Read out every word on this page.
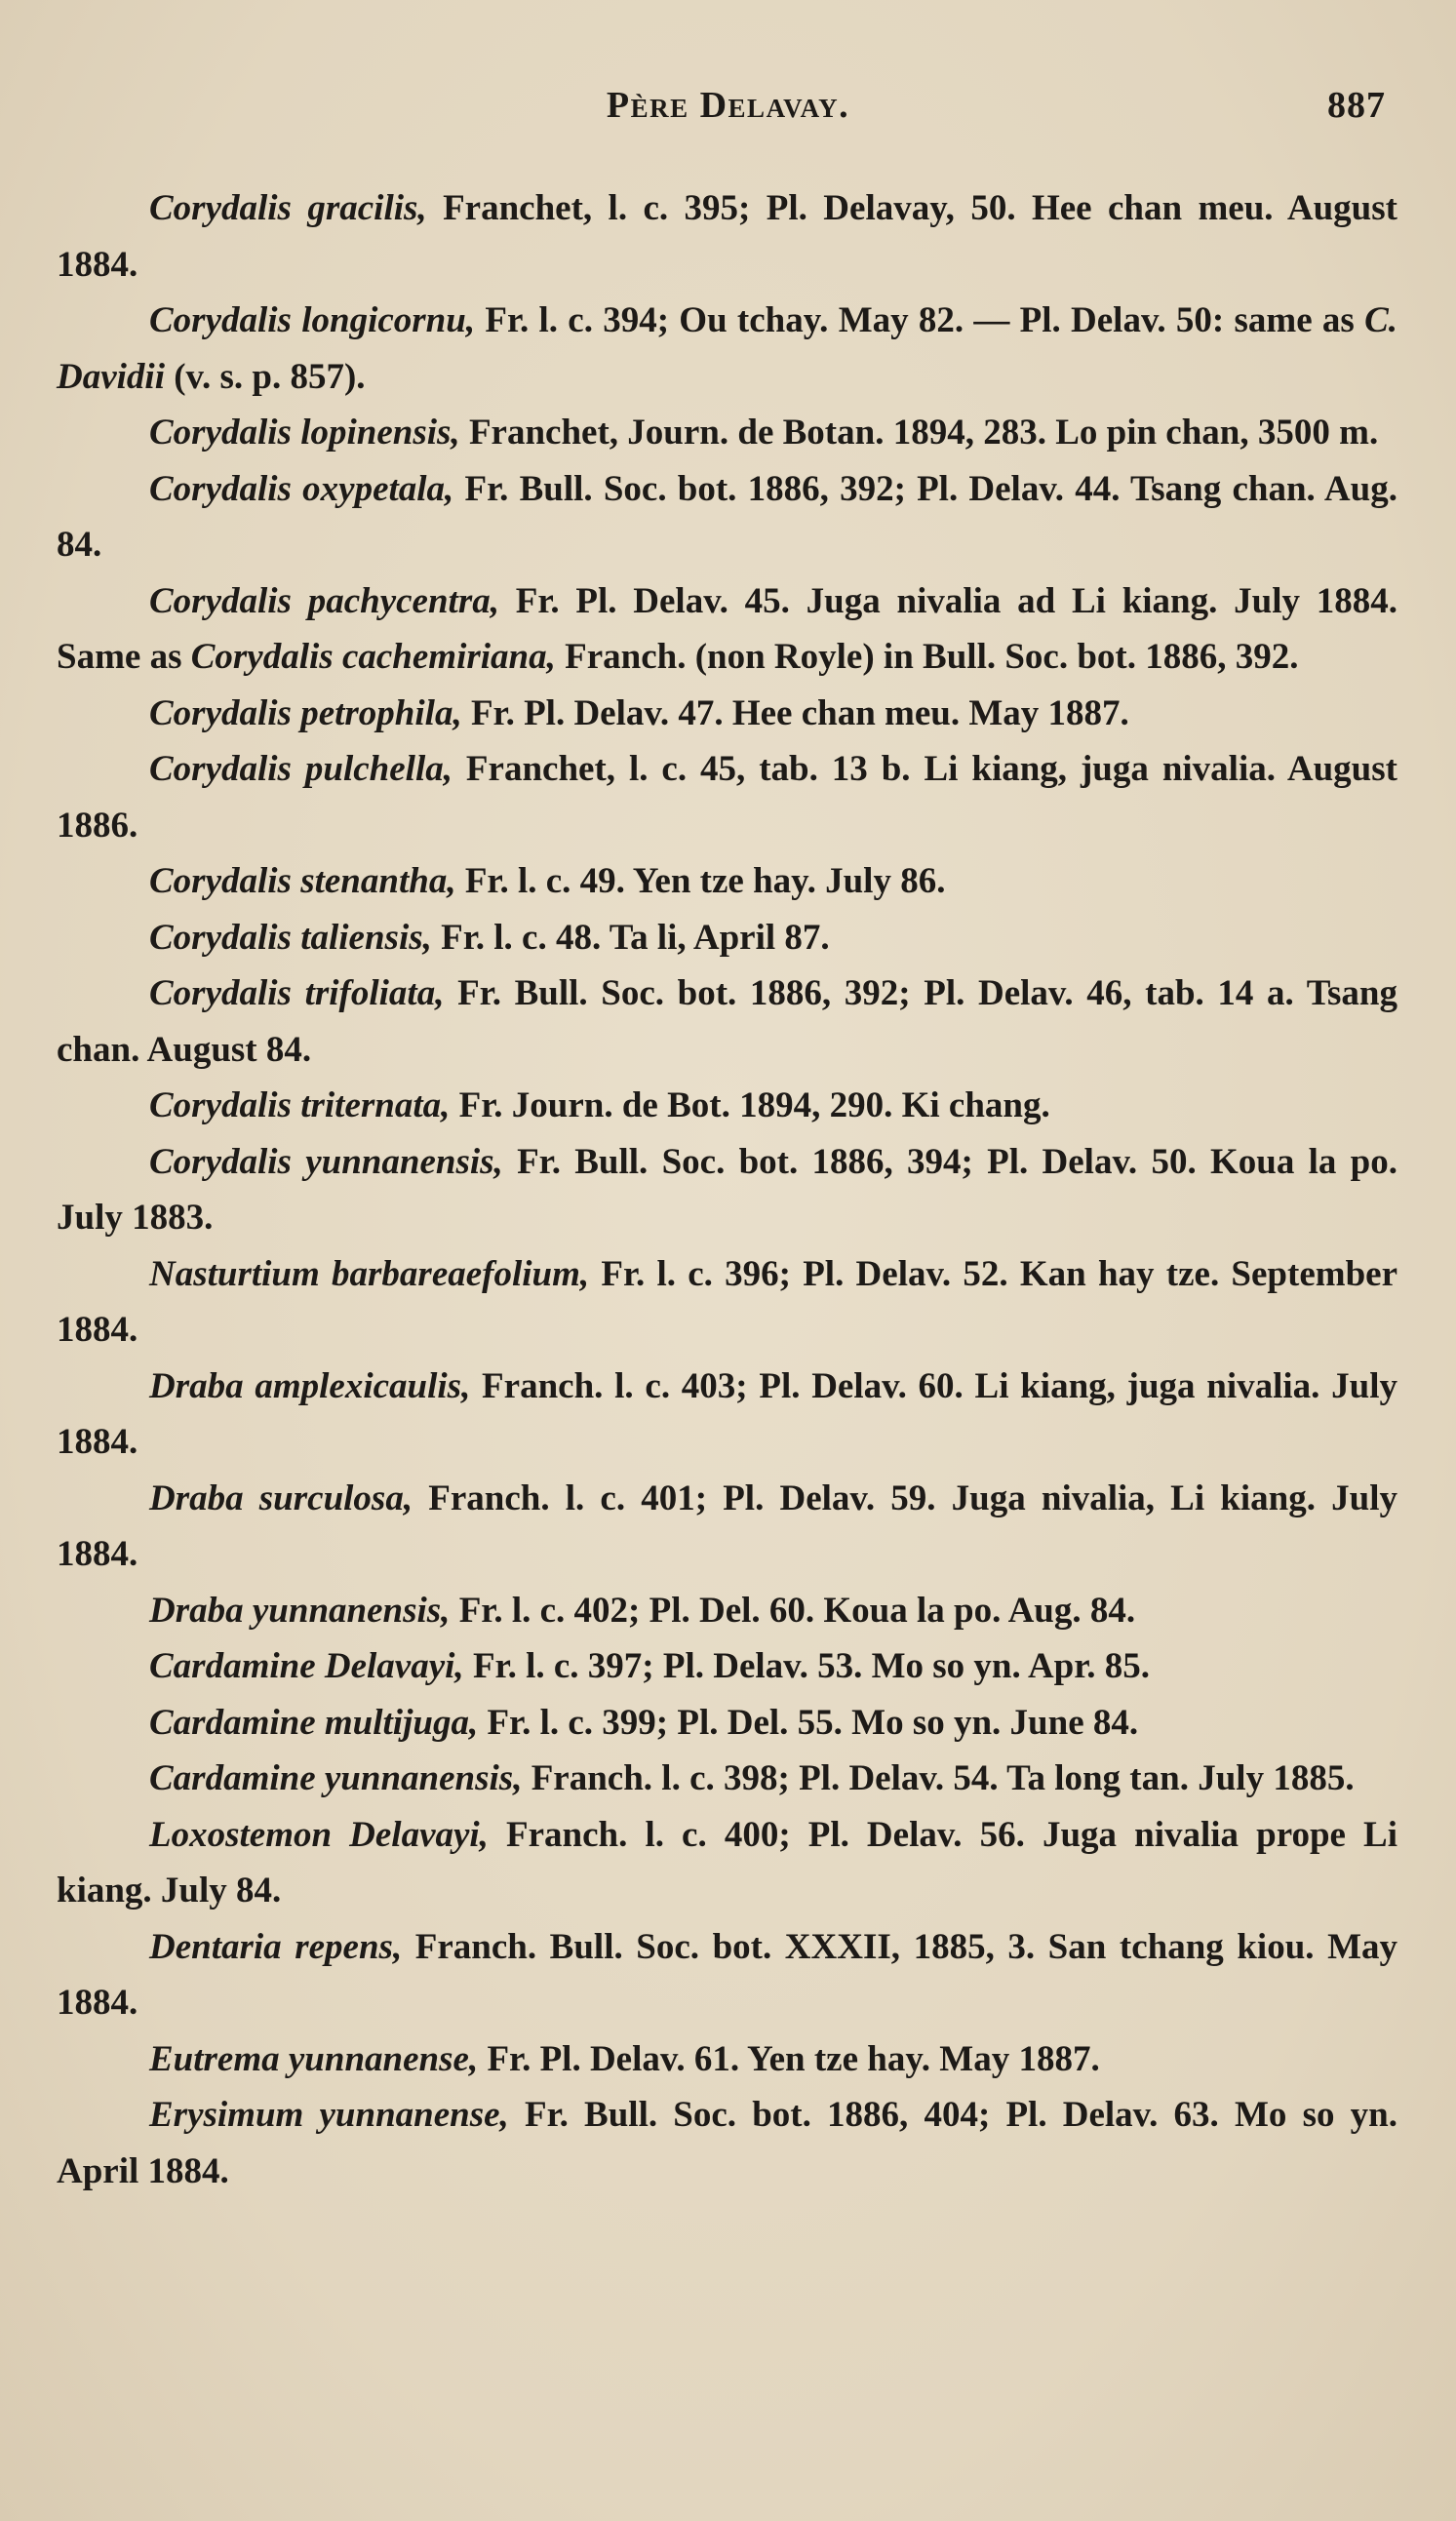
Père Delavay.	887

Corydalis gracilis, Franchet, l. c. 395; Pl. Delavay, 50. Hee chan meu. August 1884.

Corydalis longicornu, Fr. l. c. 394; Ou tchay. May 82. — Pl. Delav. 50: same as C. Davidii (v. s. p. 857).

Corydalis lopinensis, Franchet, Journ. de Botan. 1894, 283. Lo pin chan, 3500 m.

Corydalis oxypetala, Fr. Bull. Soc. bot. 1886, 392; Pl. Delav. 44. Tsang chan. Aug. 84.

Corydalis pachycentra, Fr. Pl. Delav. 45. Juga nivalia ad Li kiang. July 1884. Same as Corydalis cachemiriana, Franch. (non Royle) in Bull. Soc. bot. 1886, 392.

Corydalis petrophila, Fr. Pl. Delav. 47. Hee chan meu. May 1887.

Corydalis pulchella, Franchet, l. c. 45, tab. 13 b. Li kiang, juga nivalia. August 1886.

Corydalis stenantha, Fr. l. c. 49. Yen tze hay. July 86.

Corydalis taliensis, Fr. l. c. 48. Ta li, April 87.

Corydalis trifoliata, Fr. Bull. Soc. bot. 1886, 392; Pl. Delav. 46, tab. 14 a. Tsang chan. August 84.

Corydalis triternata, Fr. Journ. de Bot. 1894, 290. Ki chang.

Corydalis yunnanensis, Fr. Bull. Soc. bot. 1886, 394; Pl. Delav. 50. Koua la po. July 1883.

Nasturtium barbareaefolium, Fr. l. c. 396; Pl. Delav. 52. Kan hay tze. September 1884.

Draba amplexicaulis, Franch. l. c. 403; Pl. Delav. 60. Li kiang, juga nivalia. July 1884.

Draba surculosa, Franch. l. c. 401; Pl. Delav. 59. Juga nivalia, Li kiang. July 1884.

Draba yunnanensis, Fr. l. c. 402; Pl. Del. 60. Koua la po. Aug. 84.

Cardamine Delavayi, Fr. l. c. 397; Pl. Delav. 53. Mo so yn. Apr. 85.

Cardamine multijuga, Fr. l. c. 399; Pl. Del. 55. Mo so yn. June 84.

Cardamine yunnanensis, Franch. l. c. 398; Pl. Delav. 54. Ta long tan. July 1885.

Loxostemon Delavayi, Franch. l. c. 400; Pl. Delav. 56. Juga nivalia prope Li kiang. July 84.

Dentaria repens, Franch. Bull. Soc. bot. XXXII, 1885, 3. San tchang kiou. May 1884.

Eutrema yunnanense, Fr. Pl. Delav. 61. Yen tze hay. May 1887.

Erysimum yunnanense, Fr. Bull. Soc. bot. 1886, 404; Pl. Delav. 63. Mo so yn. April 1884.
